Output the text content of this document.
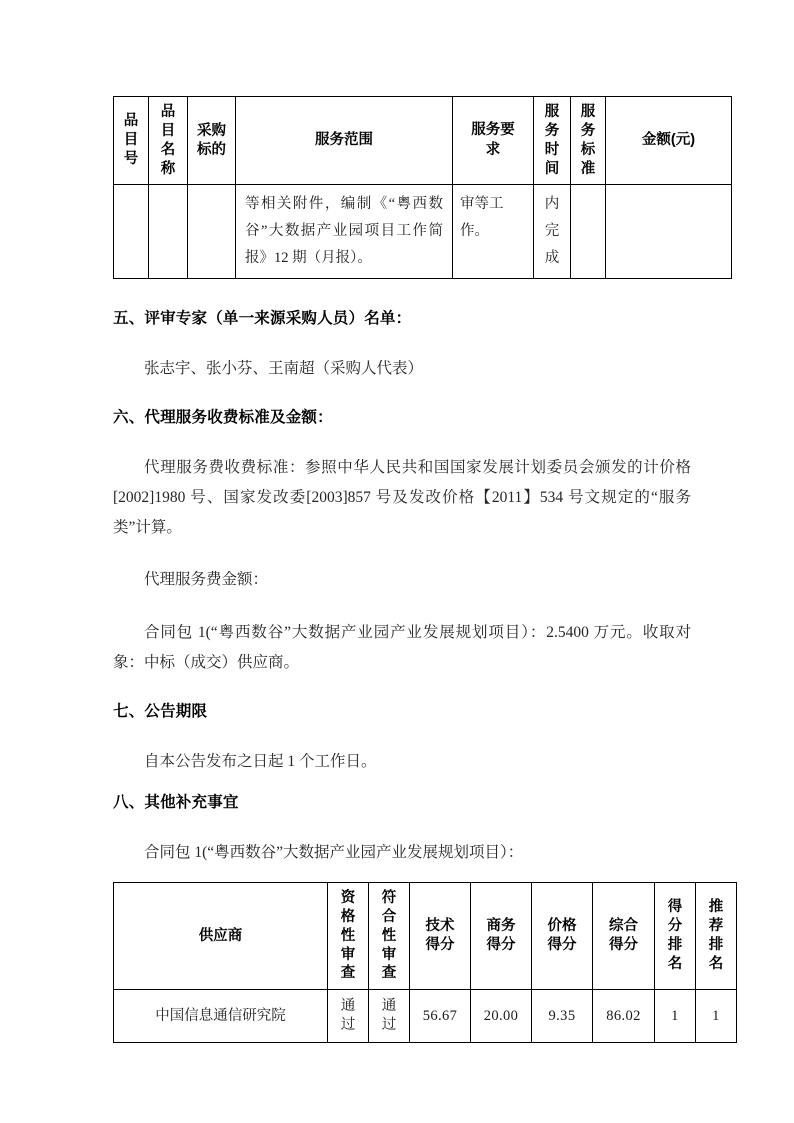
品目号	品目名称	采购标的	服务范围	服务要求	服务时间	服务标准	金额(元)

			等相关附件，编制《“粤西数谷”大数据产业园项目工作简报》12 期（月报）。	审等工作。	内完成		

五、评审专家（单一来源采购人员）名单：

张志宇、张小芬、王南超（采购人代表）

六、代理服务收费标准及金额：

代理服务费收费标准：参照中华人民共和国国家发展计划委员会颁发的计价格[2002]1980 号、国家发改委[2003]857 号及发改价格【2011】534 号文规定的“服务类”计算。

代理服务费金额：

合同包 1(“粤西数谷”大数据产业园产业发展规划项目）：2.5400 万元。收取对象：中标（成交）供应商。

七、公告期限

自本公告发布之日起 1 个工作日。

八、其他补充事宜

合同包 1(“粤西数谷”大数据产业园产业发展规划项目）：

供应商	资格性审查	符合性审查	技术得分	商务得分	价格得分	综合得分	得分排名	推荐排名

中国信息通信研究院	通过	通过	56.67	20.00	9.35	86.02	1	1
